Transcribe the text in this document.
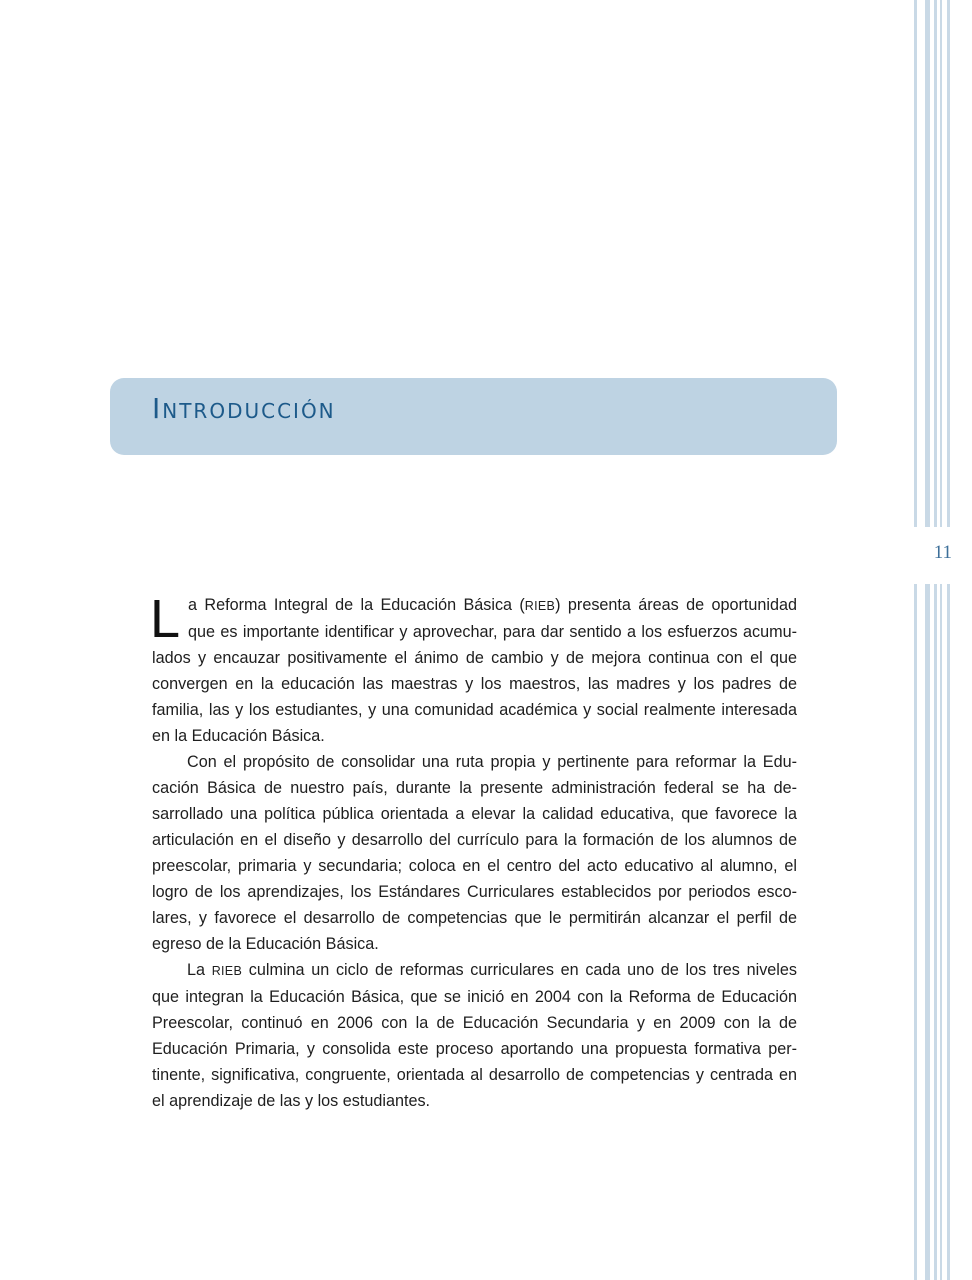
11
Introducción

La Reforma Integral de la Educación Básica (RIEB) presenta áreas de oportunidad que es importante identificar y aprovechar, para dar sentido a los esfuerzos acumulados y encauzar positivamente el ánimo de cambio y de mejora continua con el que convergen en la educación las maestras y los maestros, las madres y los padres de familia, las y los estudiantes, y una comunidad académica y social realmente interesada en la Educación Básica.

Con el propósito de consolidar una ruta propia y pertinente para reformar la Educación Básica de nuestro país, durante la presente administración federal se ha desarrollado una política pública orientada a elevar la calidad educativa, que favorece la articulación en el diseño y desarrollo del currículo para la formación de los alumnos de preescolar, primaria y secundaria; coloca en el centro del acto educativo al alumno, el logro de los aprendizajes, los Estándares Curriculares establecidos por periodos escolares, y favorece el desarrollo de competencias que le permitirán alcanzar el perfil de egreso de la Educación Básica.

La RIEB culmina un ciclo de reformas curriculares en cada uno de los tres niveles que integran la Educación Básica, que se inició en 2004 con la Reforma de Educación Preescolar, continuó en 2006 con la de Educación Secundaria y en 2009 con la de Educación Primaria, y consolida este proceso aportando una propuesta formativa pertinente, significativa, congruente, orientada al desarrollo de competencias y centrada en el aprendizaje de las y los estudiantes.
